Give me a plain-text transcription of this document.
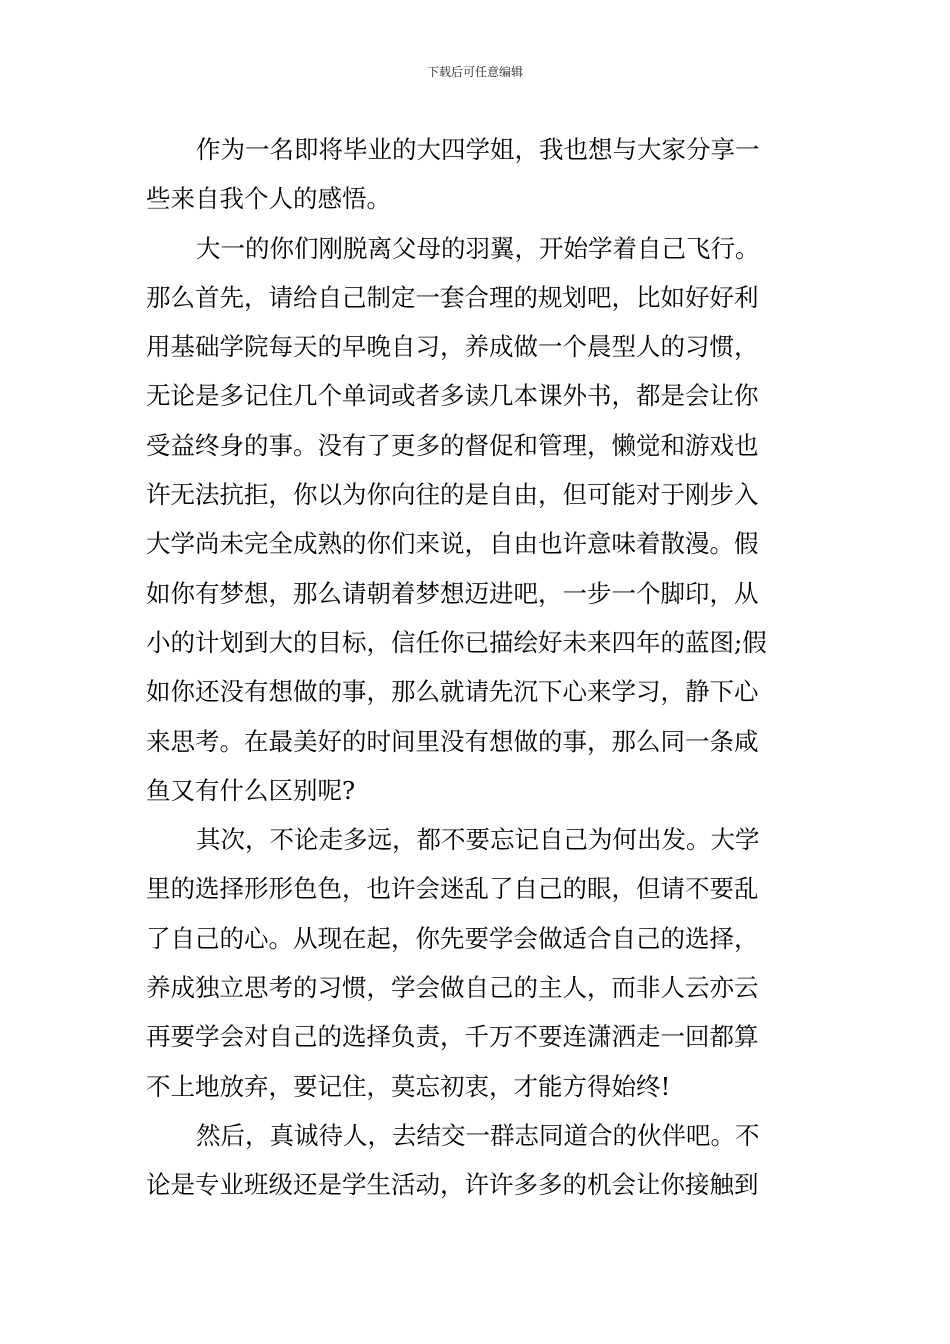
下载后可任意编辑
作为一名即将毕业的大四学姐，我也想与大家分享一
些来自我个人的感悟。
大一的你们刚脱离父母的羽翼，开始学着自己飞行。
那么首先，请给自己制定一套合理的规划吧，比如好好利
用基础学院每天的早晚自习，养成做一个晨型人的习惯，
无论是多记住几个单词或者多读几本课外书，都是会让你
受益终身的事。没有了更多的督促和管理，懒觉和游戏也
许无法抗拒，你以为你向往的是自由，但可能对于刚步入
大学尚未完全成熟的你们来说，自由也许意味着散漫。假
如你有梦想，那么请朝着梦想迈进吧，一步一个脚印，从
小的计划到大的目标，信任你已描绘好未来四年的蓝图;假
如你还没有想做的事，那么就请先沉下心来学习，静下心
来思考。在最美好的时间里没有想做的事，那么同一条咸
鱼又有什么区别呢?
其次，不论走多远，都不要忘记自己为何出发。大学
里的选择形形色色，也许会迷乱了自己的眼，但请不要乱
了自己的心。从现在起，你先要学会做适合自己的选择，
养成独立思考的习惯，学会做自己的主人，而非人云亦云
再要学会对自己的选择负责，千万不要连潇洒走一回都算
不上地放弃，要记住，莫忘初衷，才能方得始终!
然后，真诚待人，去结交一群志同道合的伙伴吧。不
论是专业班级还是学生活动，许许多多的机会让你接触到
